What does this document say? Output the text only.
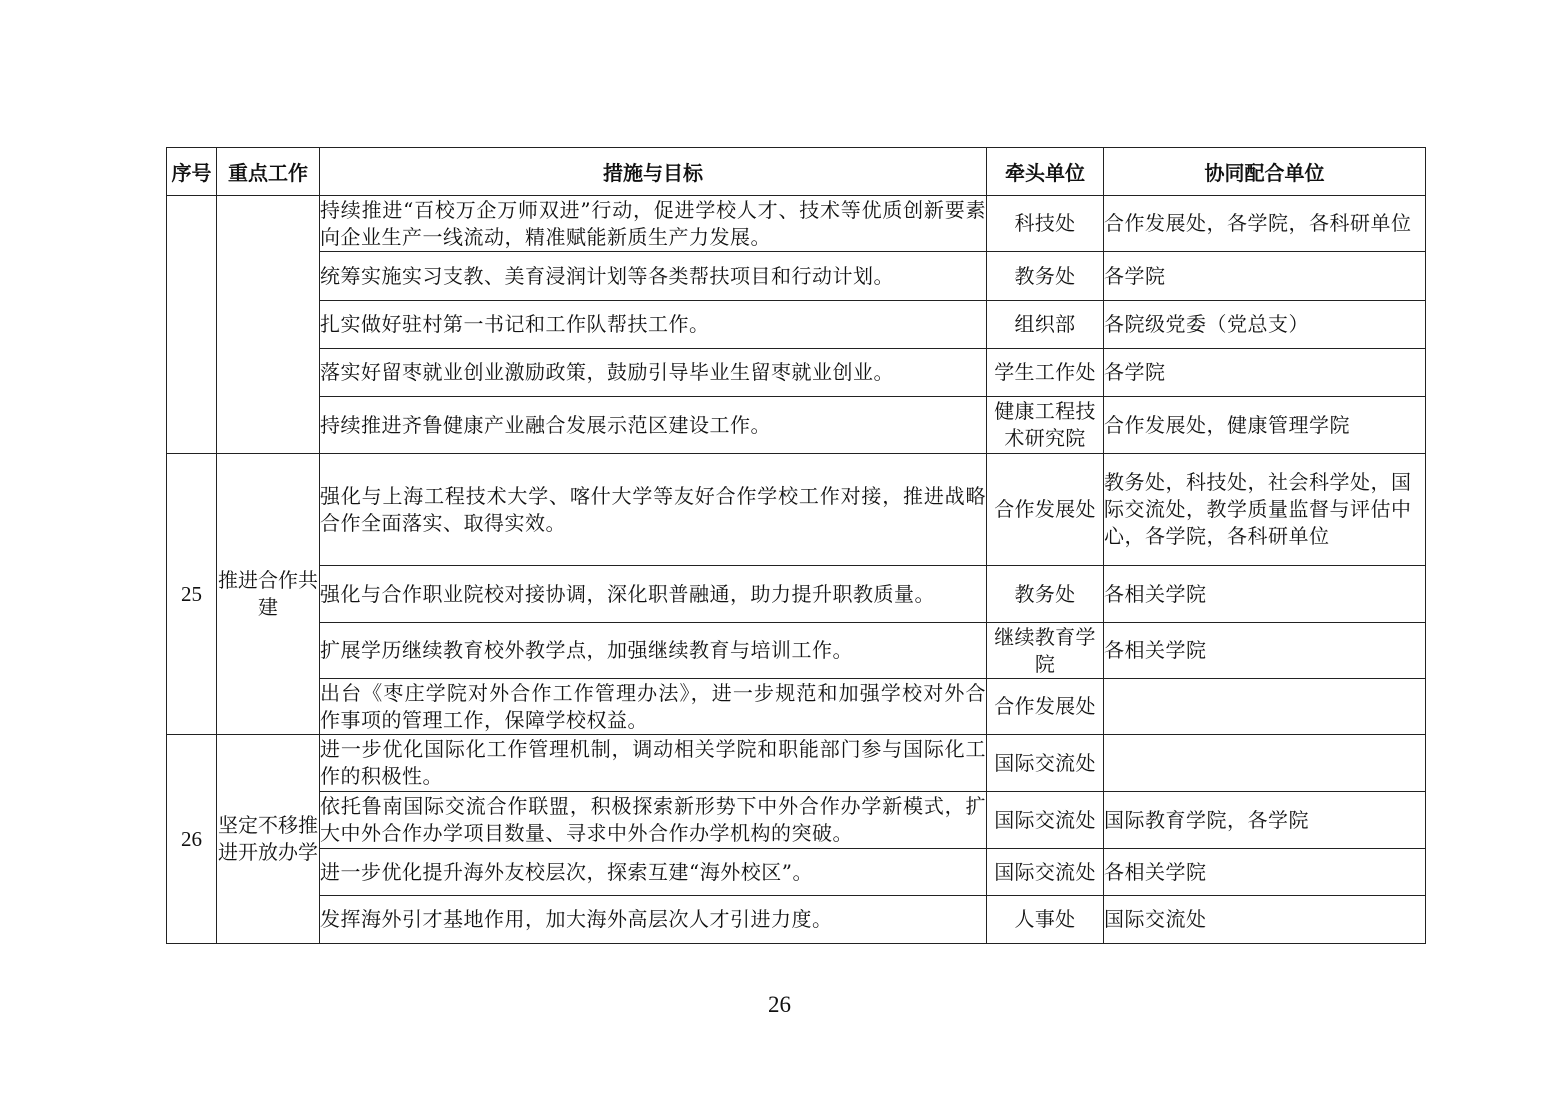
序号	重点工作	措施与目标	牵头单位	协同配合单位
		持续推进“百校万企万师双进”行动，促进学校人才、技术等优质创新要素向企业生产一线流动，精准赋能新质生产力发展。	科技处	合作发展处，各学院，各科研单位
		统筹实施实习支教、美育浸润计划等各类帮扶项目和行动计划。	教务处	各学院
		扎实做好驻村第一书记和工作队帮扶工作。	组织部	各院级党委（党总支）
		落实好留枣就业创业激励政策，鼓励引导毕业生留枣就业创业。	学生工作处	各学院
		持续推进齐鲁健康产业融合发展示范区建设工作。	健康工程技术研究院	合作发展处，健康管理学院
25	推进合作共建	强化与上海工程技术大学、喀什大学等友好合作学校工作对接，推进战略合作全面落实、取得实效。	合作发展处	教务处，科技处，社会科学处，国际交流处，教学质量监督与评估中心，各学院，各科研单位
		强化与合作职业院校对接协调，深化职普融通，助力提升职教质量。	教务处	各相关学院
		扩展学历继续教育校外教学点，加强继续教育与培训工作。	继续教育学院	各相关学院
		出台《枣庄学院对外合作工作管理办法》，进一步规范和加强学校对外合作事项的管理工作，保障学校权益。	合作发展处	
26	坚定不移推进开放办学	进一步优化国际化工作管理机制，调动相关学院和职能部门参与国际化工作的积极性。	国际交流处	
		依托鲁南国际交流合作联盟，积极探索新形势下中外合作办学新模式，扩大中外合作办学项目数量、寻求中外合作办学机构的突破。	国际交流处	国际教育学院，各学院
		进一步优化提升海外友校层次，探索互建“海外校区”。	国际交流处	各相关学院
		发挥海外引才基地作用，加大海外高层次人才引进力度。	人事处	国际交流处
26
